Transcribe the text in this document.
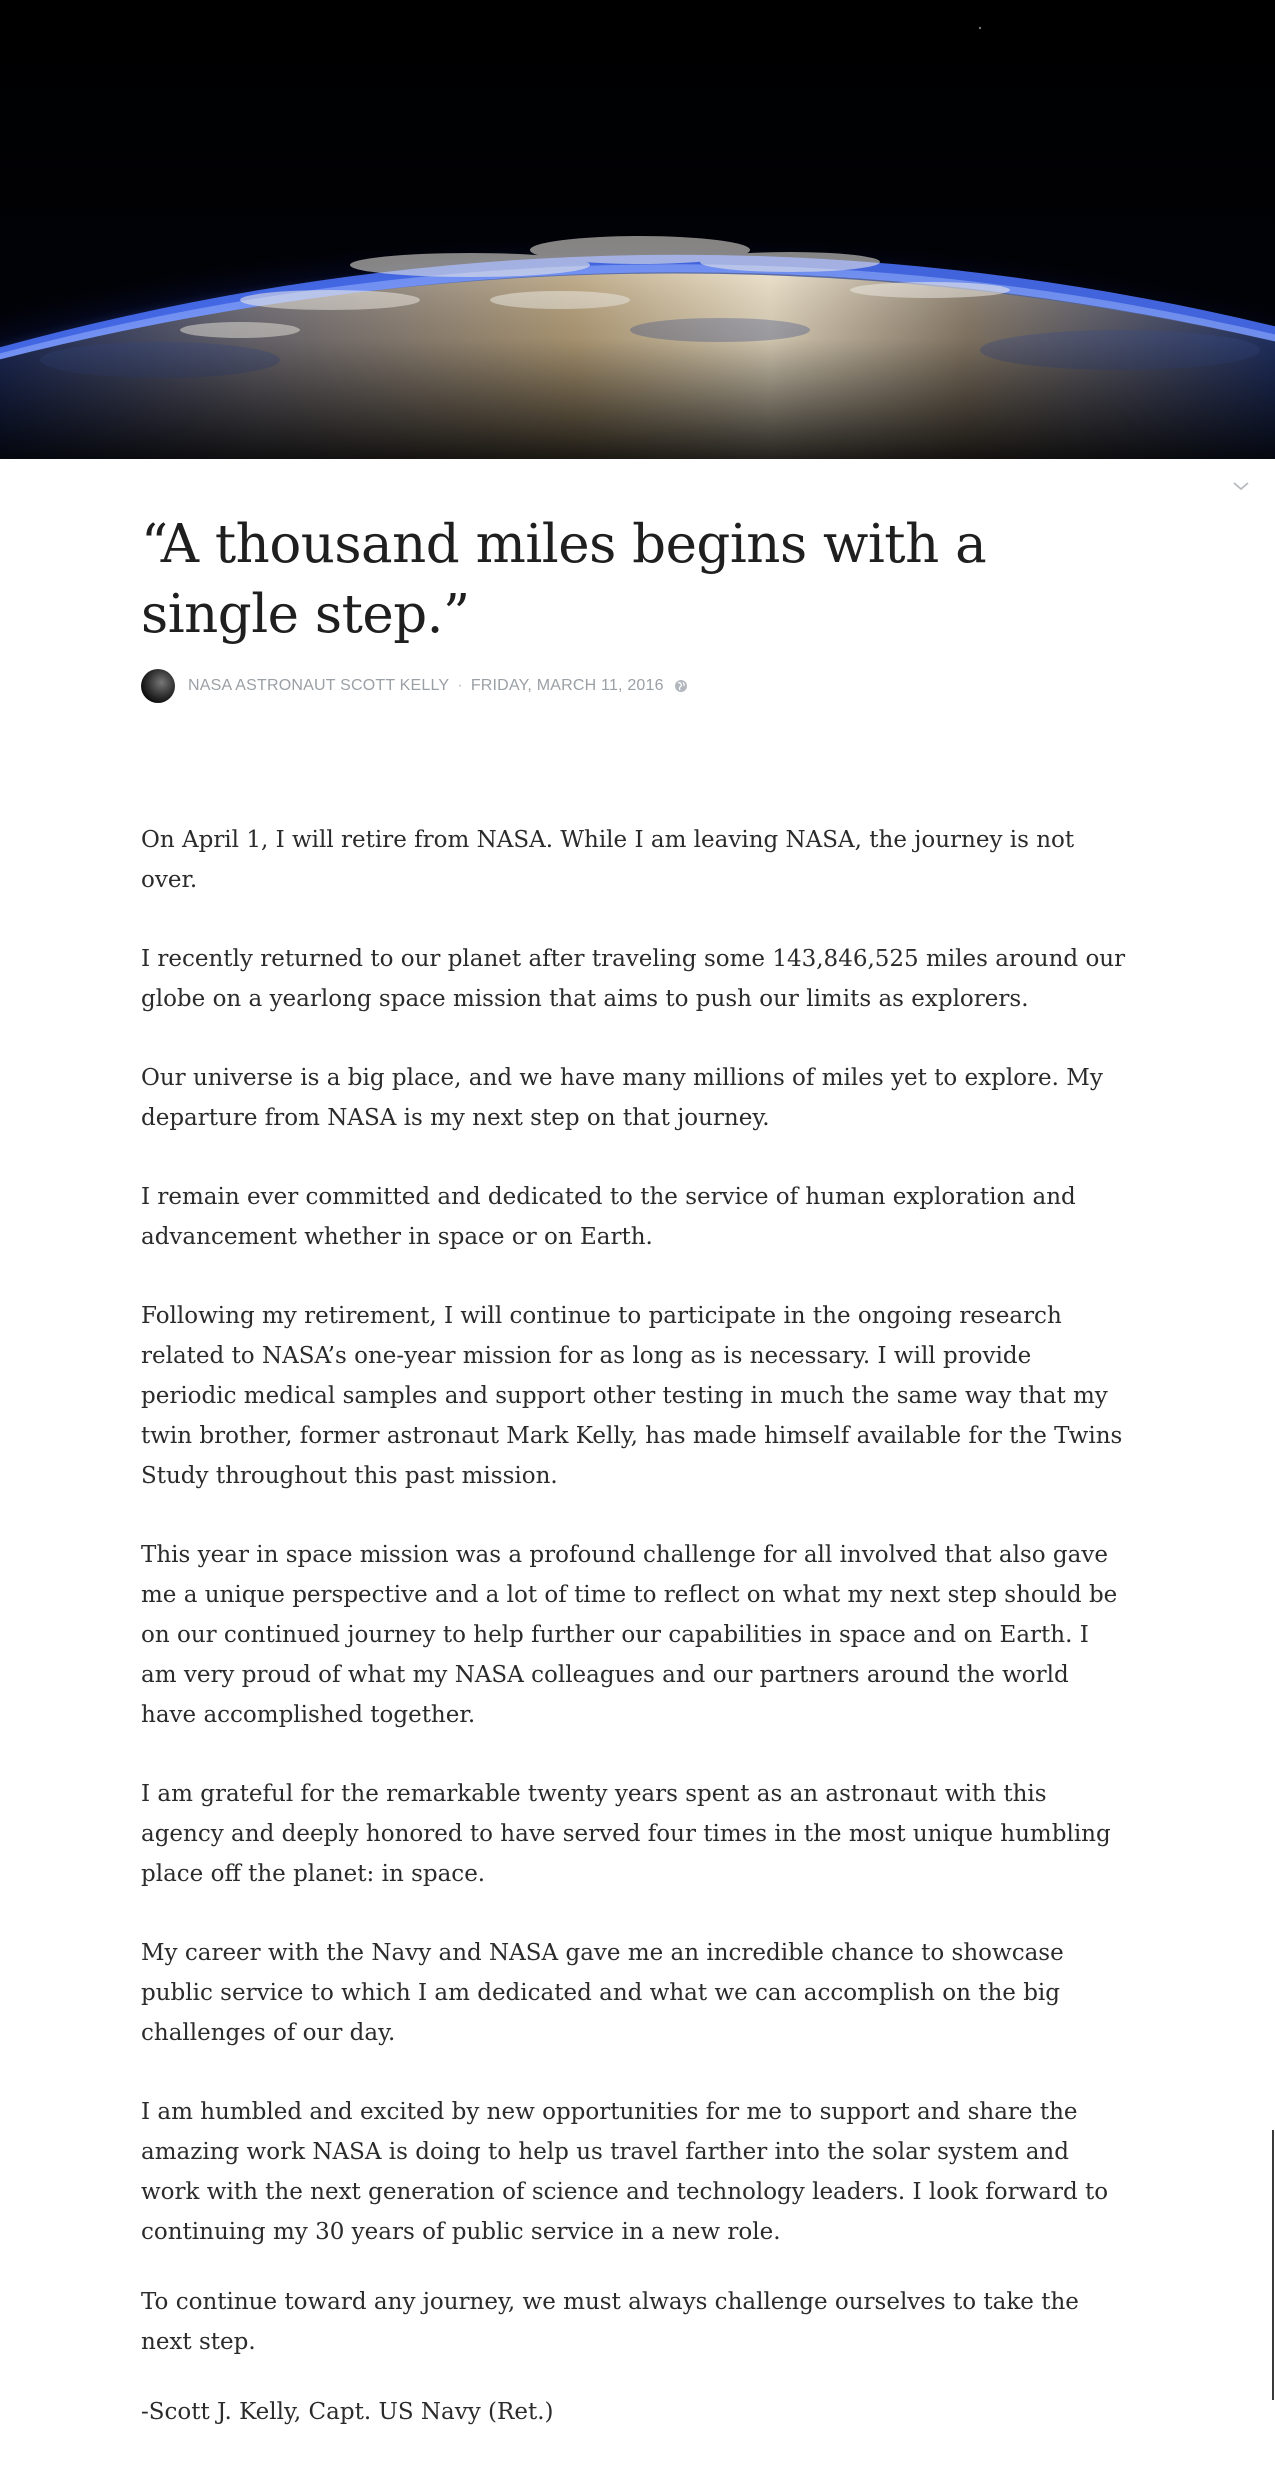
“A thousand miles begins with a single step.”
NASA ASTRONAUT SCOTT KELLY · FRIDAY, MARCH 11, 2016

On April 1, I will retire from NASA. While I am leaving NASA, the journey is not over.

I recently returned to our planet after traveling some 143,846,525 miles around our globe on a yearlong space mission that aims to push our limits as explorers.

Our universe is a big place, and we have many millions of miles yet to explore. My departure from NASA is my next step on that journey.

I remain ever committed and dedicated to the service of human exploration and advancement whether in space or on Earth.

Following my retirement, I will continue to participate in the ongoing research related to NASA’s one-year mission for as long as is necessary. I will provide periodic medical samples and support other testing in much the same way that my twin brother, former astronaut Mark Kelly, has made himself available for the Twins Study throughout this past mission.

This year in space mission was a profound challenge for all involved that also gave me a unique perspective and a lot of time to reflect on what my next step should be on our continued journey to help further our capabilities in space and on Earth. I am very proud of what my NASA colleagues and our partners around the world have accomplished together.

I am grateful for the remarkable twenty years spent as an astronaut with this agency and deeply honored to have served four times in the most unique humbling place off the planet: in space.

My career with the Navy and NASA gave me an incredible chance to showcase public service to which I am dedicated and what we can accomplish on the big challenges of our day.

I am humbled and excited by new opportunities for me to support and share the amazing work NASA is doing to help us travel farther into the solar system and work with the next generation of science and technology leaders. I look forward to continuing my 30 years of public service in a new role.

To continue toward any journey, we must always challenge ourselves to take the next step.

-Scott J. Kelly, Capt. US Navy (Ret.)
